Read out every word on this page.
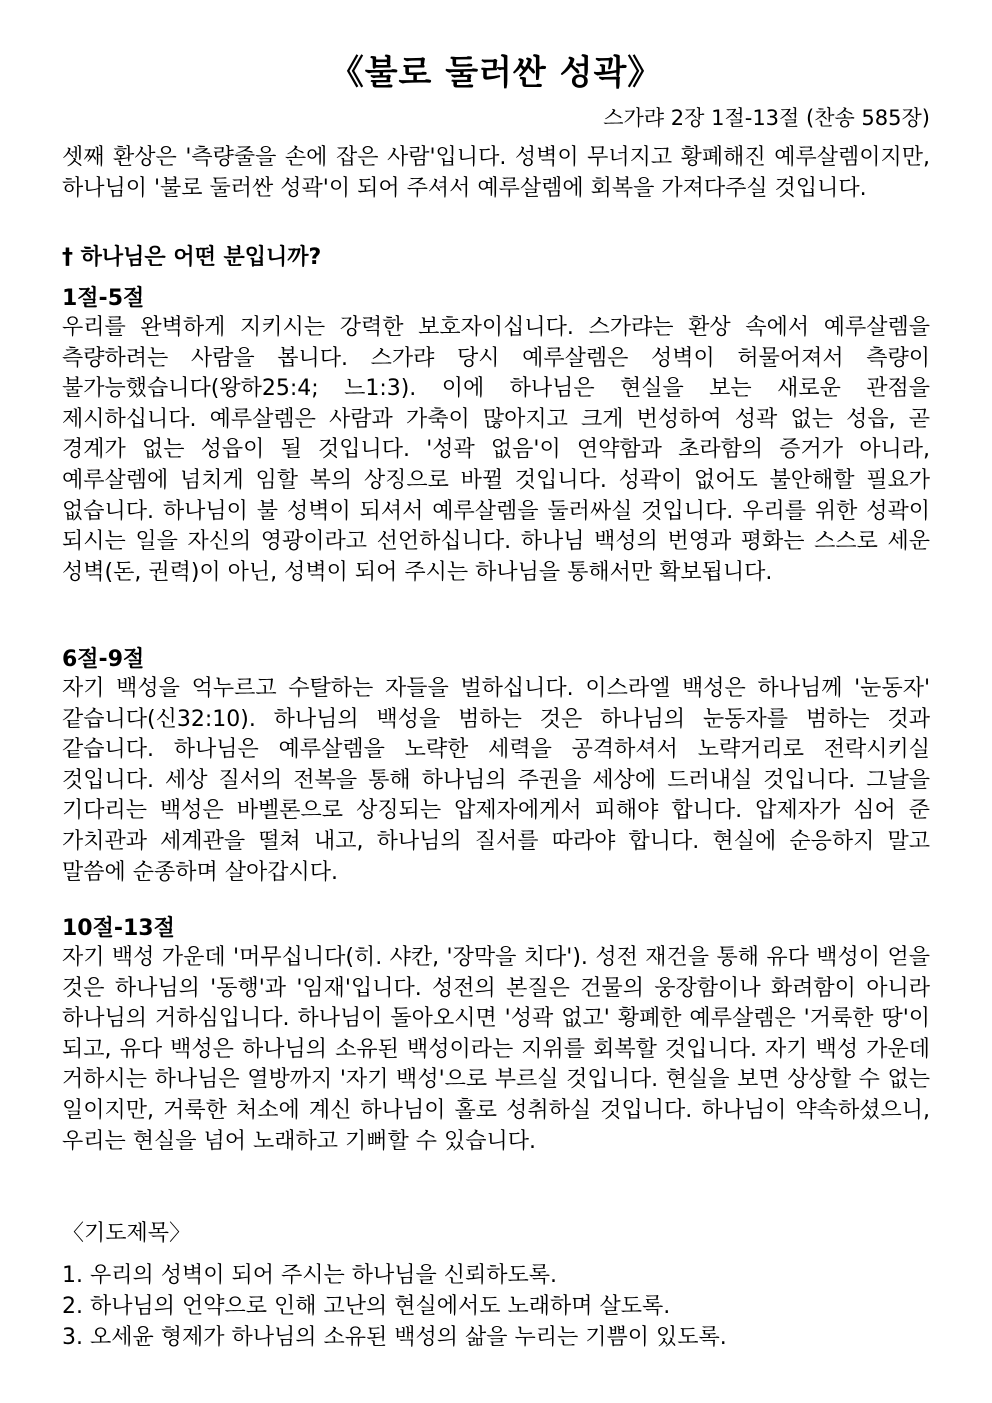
《불로 둘러싼 성곽》
스가랴 2장 1절-13절 (찬송 585장)

셋째 환상은 '측량줄을 손에 잡은 사람'입니다. 성벽이 무너지고 황폐해진 예루살렘이지만, 하나님이 '불로 둘러싼 성곽'이 되어 주셔서 예루살렘에 회복을 가져다주실 것입니다.

† 하나님은 어떤 분입니까?
1절-5절

우리를 완벽하게 지키시는 강력한 보호자이십니다. 스가랴는 환상 속에서 예루살렘을 측량하려는 사람을 봅니다. 스가랴 당시 예루살렘은 성벽이 허물어져서 측량이 불가능했습니다(왕하25:4; 느1:3). 이에 하나님은 현실을 보는 새로운 관점을 제시하십니다. 예루살렘은 사람과 가축이 많아지고 크게 번성하여 성곽 없는 성읍, 곧 경계가 없는 성읍이 될 것입니다. '성곽 없음'이 연약함과 초라함의 증거가 아니라, 예루살렘에 넘치게 임할 복의 상징으로 바뀔 것입니다. 성곽이 없어도 불안해할 필요가 없습니다. 하나님이 불 성벽이 되셔서 예루살렘을 둘러싸실 것입니다. 우리를 위한 성곽이 되시는 일을 자신의 영광이라고 선언하십니다. 하나님 백성의 번영과 평화는 스스로 세운 성벽(돈, 권력)이 아닌, 성벽이 되어 주시는 하나님을 통해서만 확보됩니다.

6절-9절

자기 백성을 억누르고 수탈하는 자들을 벌하십니다. 이스라엘 백성은 하나님께 '눈동자' 같습니다(신32:10). 하나님의 백성을 범하는 것은 하나님의 눈동자를 범하는 것과 같습니다. 하나님은 예루살렘을 노략한 세력을 공격하셔서 노략거리로 전락시키실 것입니다. 세상 질서의 전복을 통해 하나님의 주권을 세상에 드러내실 것입니다. 그날을 기다리는 백성은 바벨론으로 상징되는 압제자에게서 피해야 합니다. 압제자가 심어 준 가치관과 세계관을 떨쳐 내고, 하나님의 질서를 따라야 합니다. 현실에 순응하지 말고 말씀에 순종하며 살아갑시다.

10절-13절

자기 백성 가운데 '머무십니다(히. 샤칸, '장막을 치다'). 성전 재건을 통해 유다 백성이 얻을 것은 하나님의 '동행'과 '임재'입니다. 성전의 본질은 건물의 웅장함이나 화려함이 아니라 하나님의 거하심입니다. 하나님이 돌아오시면 '성곽 없고' 황폐한 예루살렘은 '거룩한 땅'이 되고, 유다 백성은 하나님의 소유된 백성이라는 지위를 회복할 것입니다. 자기 백성 가운데 거하시는 하나님은 열방까지 '자기 백성'으로 부르실 것입니다. 현실을 보면 상상할 수 없는 일이지만, 거룩한 처소에 계신 하나님이 홀로 성취하실 것입니다. 하나님이 약속하셨으니, 우리는 현실을 넘어 노래하고 기뻐할 수 있습니다.

〈기도제목〉
1. 우리의 성벽이 되어 주시는 하나님을 신뢰하도록.
2. 하나님의 언약으로 인해 고난의 현실에서도 노래하며 살도록.
3. 오세윤 형제가 하나님의 소유된 백성의 삶을 누리는 기쁨이 있도록.
